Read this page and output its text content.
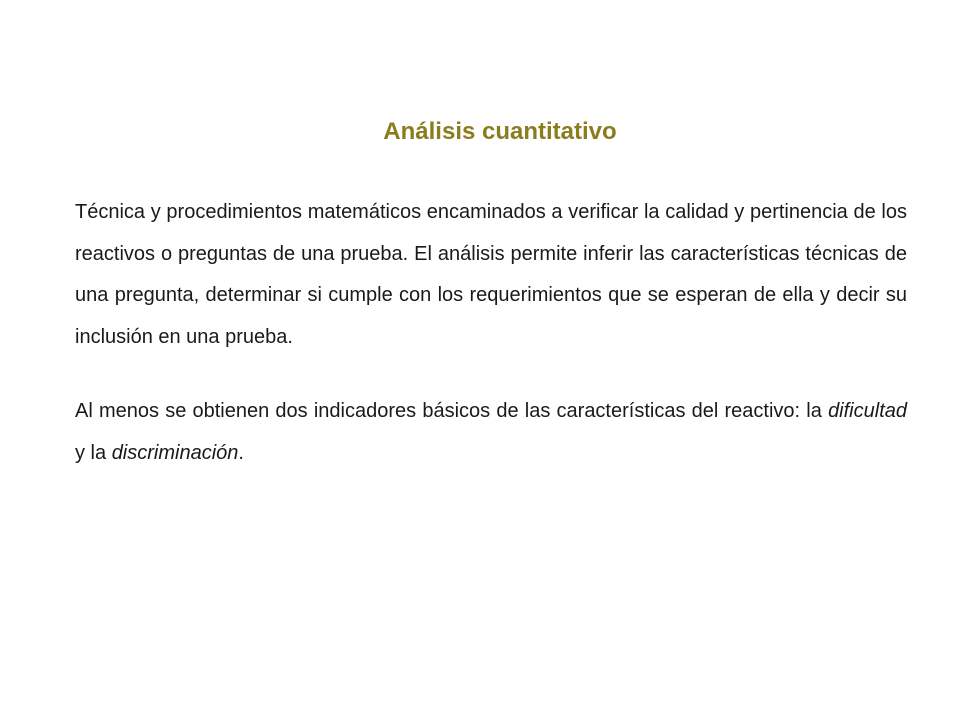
Análisis cuantitativo

Técnica y procedimientos matemáticos encaminados a verificar la calidad y pertinencia de los reactivos o preguntas de una prueba. El análisis permite inferir las características técnicas de una pregunta, determinar si cumple con los requerimientos que se esperan de ella y decir su inclusión en una prueba.

Al menos se obtienen dos indicadores básicos de las características del reactivo: la dificultad y la discriminación.
